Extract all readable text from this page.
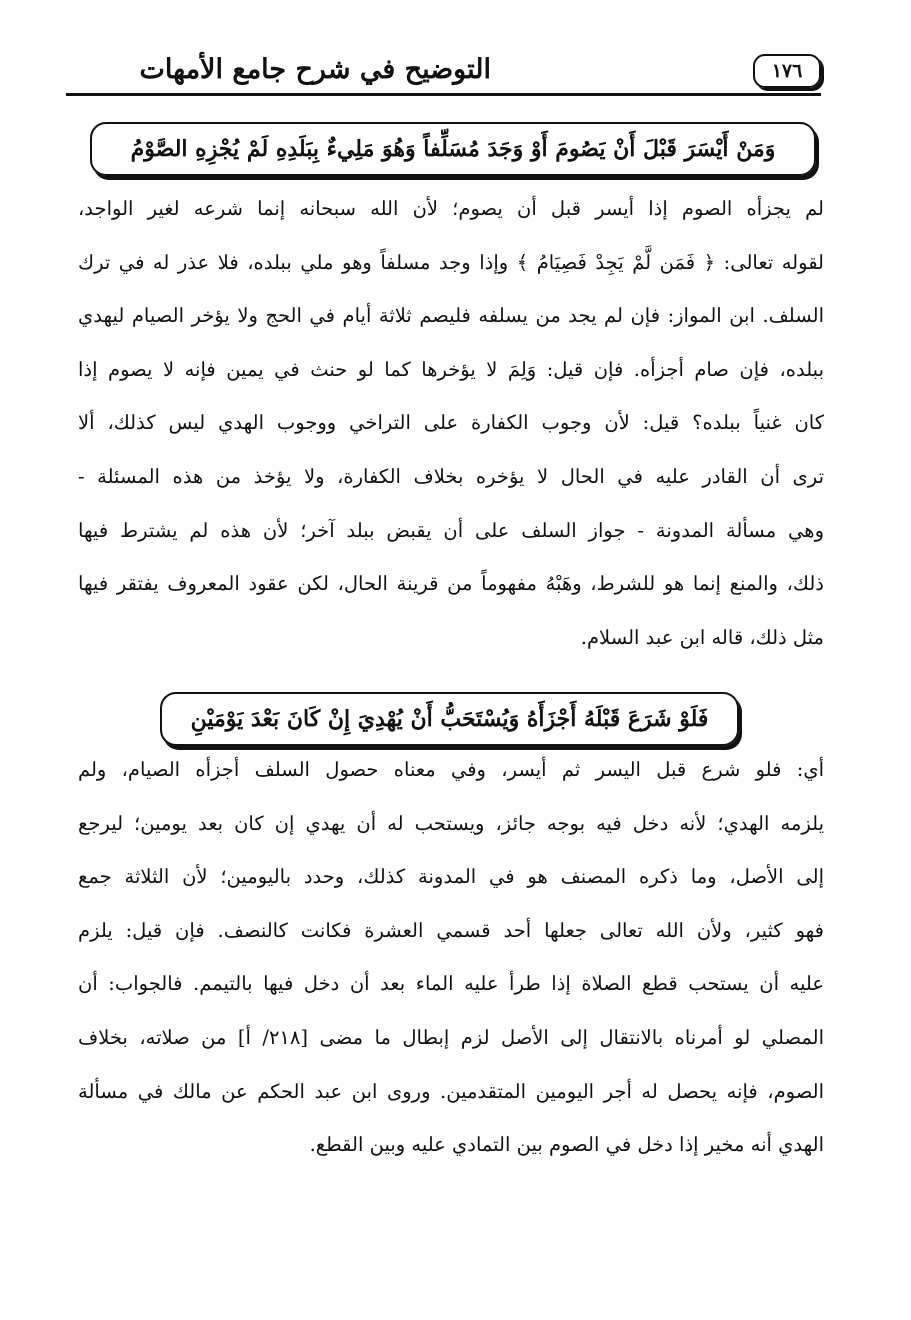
١٧٦
التوضيح في شرح جامع الأمهات
وَمَنْ أَيْسَرَ قَبْلَ أَنْ يَصُومَ أَوْ وَجَدَ مُسَلِّفاً وَهُوَ مَلِيءٌ بِبَلَدِهِ لَمْ يُجْزِهِ الصَّوْمُ
لم يجزأه الصوم إذا أيسر قبل أن يصوم؛ لأن الله سبحانه إنما شرعه لغير الواجد،
لقوله تعالى: ﴿ فَمَن لَّمْ يَجِدْ فَصِيَامُ ﴾ وإذا وجد مسلفاً وهو ملي ببلده، فلا عذر له في ترك
السلف. ابن المواز: فإن لم يجد من يسلفه فليصم ثلاثة أيام في الحج ولا يؤخر الصيام ليهدي
ببلده، فإن صام أجزأه. فإن قيل: وَلِمَ لا يؤخرها كما لو حنث في يمين فإنه لا يصوم إذا
كان غنياً ببلده؟ قيل: لأن وجوب الكفارة على التراخي ووجوب الهدي ليس كذلك، ألا
ترى أن القادر عليه في الحال لا يؤخره بخلاف الكفارة، ولا يؤخذ من هذه المسئلة -
وهي مسألة المدونة - جواز السلف على أن يقبض ببلد آخر؛ لأن هذه لم يشترط فيها
ذلك، والمنع إنما هو للشرط، وهَبْهُ مفهوماً من قرينة الحال، لكن عقود المعروف يفتقر فيها
مثل ذلك، قاله ابن عبد السلام.
فَلَوْ شَرَعَ قَبْلَهُ أَجْزَأَهُ وَيُسْتَحَبُّ أَنْ يُهْدِيَ إِنْ كَانَ بَعْدَ يَوْمَيْنِ
أي: فلو شرع قبل اليسر ثم أيسر، وفي معناه حصول السلف أجزأه الصيام، ولم
يلزمه الهدي؛ لأنه دخل فيه بوجه جائز، ويستحب له أن يهدي إن كان بعد يومين؛ ليرجع
إلى الأصل، وما ذكره المصنف هو في المدونة كذلك، وحدد باليومين؛ لأن الثلاثة جمع
فهو كثير، ولأن الله تعالى جعلها أحد قسمي العشرة فكانت كالنصف. فإن قيل: يلزم
عليه أن يستحب قطع الصلاة إذا طرأ عليه الماء بعد أن دخل فيها بالتيمم. فالجواب: أن
المصلي لو أمرناه بالانتقال إلى الأصل لزم إبطال ما مضى [٢١٨/ أ] من صلاته، بخلاف
الصوم، فإنه يحصل له أجر اليومين المتقدمين. وروى ابن عبد الحكم عن مالك في مسألة
الهدي أنه مخير إذا دخل في الصوم بين التمادي عليه وبين القطع.
